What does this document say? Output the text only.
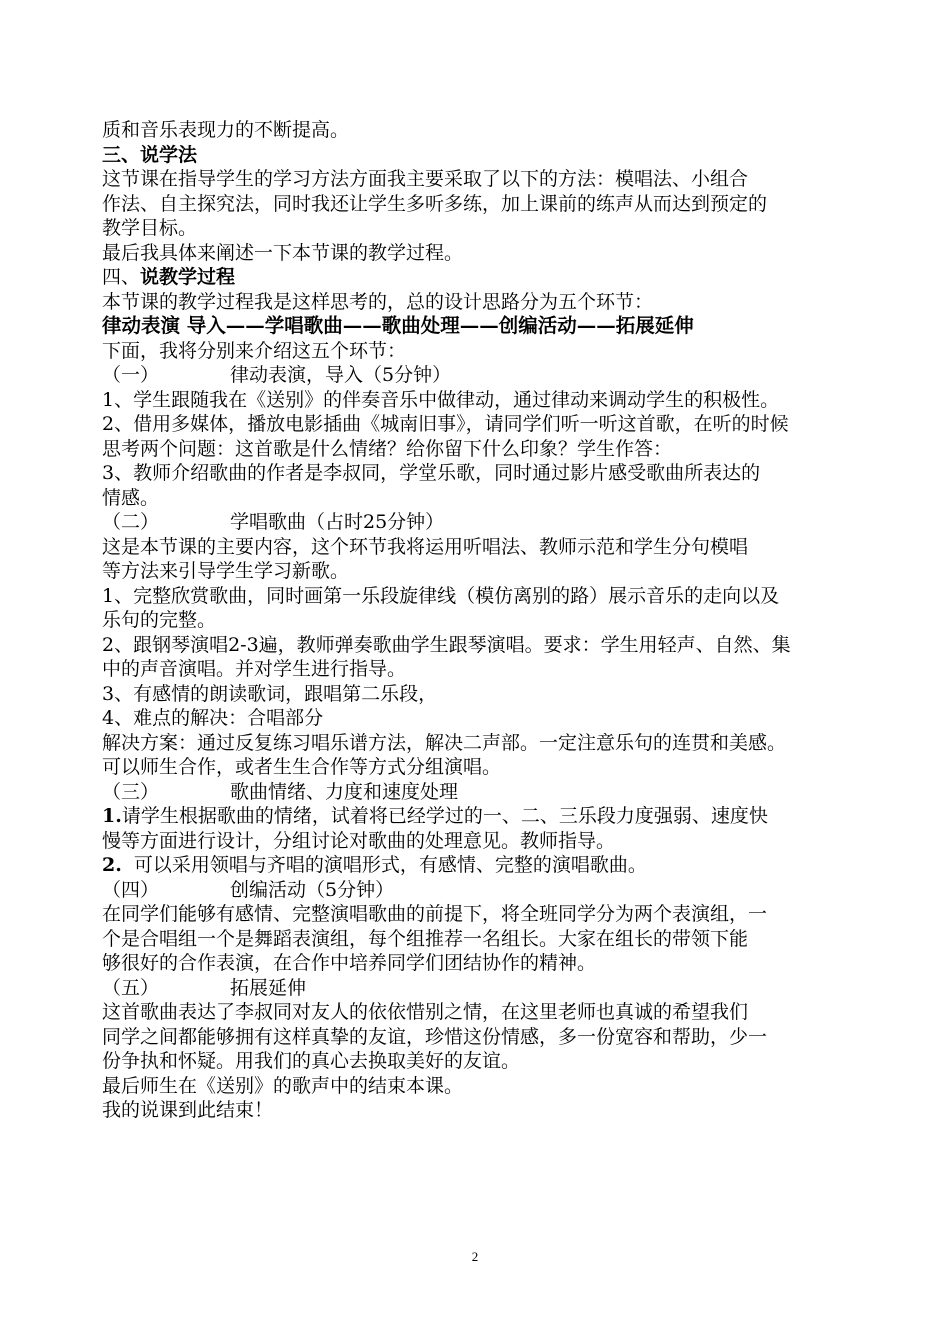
质和音乐表现力的不断提高。
三、说学法
这节课在指导学生的学习方法方面我主要采取了以下的方法：模唱法、小组合
作法、自主探究法，同时我还让学生多听多练，加上课前的练声从而达到预定的
教学目标。
最后我具体来阐述一下本节课的教学过程。
四、说教学过程
本节课的教学过程我是这样思考的，总的设计思路分为五个环节：
律动表演 导入——学唱歌曲——歌曲处理——创编活动——拓展延伸
下面，我将分别来介绍这五个环节：
（一）	律动表演，导入（5分钟）
1、学生跟随我在《送别》的伴奏音乐中做律动，通过律动来调动学生的积极性。
2、借用多媒体，播放电影插曲《城南旧事》，请同学们听一听这首歌，在听的时候
思考两个问题：这首歌是什么情绪？给你留下什么印象？学生作答：
3、教师介绍歌曲的作者是李叔同，学堂乐歌，同时通过影片感受歌曲所表达的
情感。
（二）	学唱歌曲（占时25分钟）
这是本节课的主要内容，这个环节我将运用听唱法、教师示范和学生分句模唱
等方法来引导学生学习新歌。
1、完整欣赏歌曲，同时画第一乐段旋律线（模仿离别的路）展示音乐的走向以及
乐句的完整。
2、跟钢琴演唱2-3遍，教师弹奏歌曲学生跟琴演唱。要求：学生用轻声、自然、集
中的声音演唱。并对学生进行指导。
3、有感情的朗读歌词，跟唱第二乐段，
4、难点的解决：合唱部分
解决方案：通过反复练习唱乐谱方法，解决二声部。一定注意乐句的连贯和美感。
可以师生合作，或者生生合作等方式分组演唱。
（三）	歌曲情绪、力度和速度处理
1.请学生根据歌曲的情绪，试着将已经学过的一、二、三乐段力度强弱、速度快
慢等方面进行设计，分组讨论对歌曲的处理意见。教师指导。
2.  可以采用领唱与齐唱的演唱形式，有感情、完整的演唱歌曲。
（四）	创编活动（5分钟）
在同学们能够有感情、完整演唱歌曲的前提下，将全班同学分为两个表演组，一
个是合唱组一个是舞蹈表演组，每个组推荐一名组长。大家在组长的带领下能
够很好的合作表演，在合作中培养同学们团结协作的精神。
（五）	拓展延伸
这首歌曲表达了李叔同对友人的依依惜别之情，在这里老师也真诚的希望我们
同学之间都能够拥有这样真挚的友谊，珍惜这份情感，多一份宽容和帮助，少一
份争执和怀疑。用我们的真心去换取美好的友谊。
最后师生在《送别》的歌声中的结束本课。
我的说课到此结束！
2
